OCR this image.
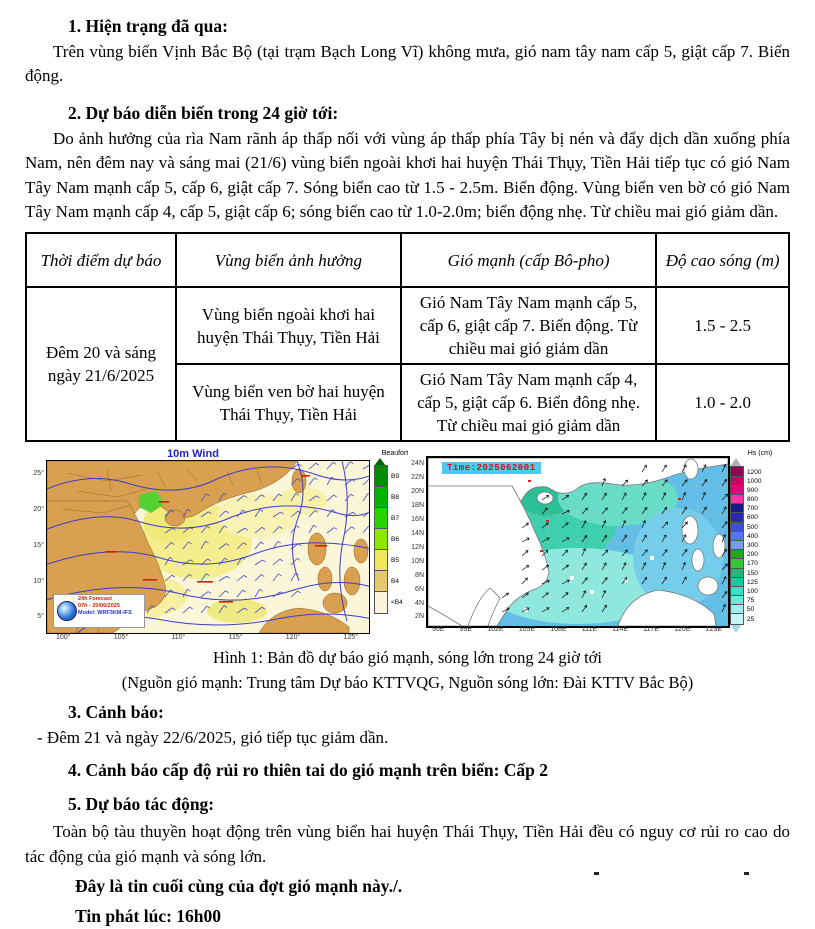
1. Hiện trạng đã qua:

Trên vùng biển Vịnh Bắc Bộ (tại trạm Bạch Long Vĩ) không mưa, gió nam tây nam cấp 5, giật cấp 7. Biển động.

2. Dự báo diễn biến trong 24 giờ tới:

Do ảnh hưởng của rìa Nam rãnh áp thấp nối với vùng áp thấp phía Tây bị nén và đẩy dịch dần xuống phía Nam, nên đêm nay và sáng mai (21/6) vùng biển ngoài khơi hai huyện Thái Thụy, Tiền Hải tiếp tục có gió Nam Tây Nam mạnh cấp 5, cấp 6, giật cấp 7. Sóng biển cao từ 1.5 - 2.5m. Biển động. Vùng biển ven bờ có gió Nam Tây Nam mạnh cấp 4, cấp 5, giật cấp 6; sóng biển cao từ 1.0-2.0m; biển động nhẹ. Từ chiều mai gió giảm dần.

Thời điểm dự báo	Vùng biển ảnh hưởng	Gió mạnh (cấp Bô-pho)	Độ cao sóng (m)
Đêm 20 và sáng ngày 21/6/2025	Vùng biển ngoài khơi hai huyện Thái Thụy, Tiền Hải	Gió Nam Tây Nam mạnh cấp 5, cấp 6, giật cấp 7. Biển động. Từ chiều mai gió giảm dần	1.5 - 2.5
	Vùng biển ven bờ hai huyện Thái Thụy, Tiền Hải	Gió Nam Tây Nam mạnh cấp 4, cấp 5, giật cấp 6. Biển đông nhẹ. Từ chiều mai gió giảm dần	1.0 - 2.0
10m Wind
24h Forecast
07h - 20/06/2025
Model: WRF3KM-IFS
25°
20°
15°
10°
5°
100°	105°	110°	115°	120°	125°
Beaufort
B9
B8
B7
B6
B5
B4
<B4
Time:2025062001
24N
22N
20N
18N
16N
14N
12N
10N
8N
6N
4N
2N
96E 99E 102E 105E 108E 111E 114E 117E 120E 123E
Hs (cm)
1200
1000
900
800
700
600
500
400
300
200
170
150
125
100
75
50
25
Hình 1: Bản đồ dự báo gió mạnh, sóng lớn trong 24 giờ tới
(Nguồn gió mạnh: Trung tâm Dự báo KTTVQG, Nguồn sóng lớn: Đài KTTV Bắc Bộ)
3. Cảnh báo:
- Đêm 21 và ngày 22/6/2025, gió tiếp tục giảm dần.
4. Cảnh báo cấp độ rủi ro thiên tai do gió mạnh trên biển: Cấp 2
5. Dự báo tác động:

Toàn bộ tàu thuyền hoạt động trên vùng biển hai huyện Thái Thụy, Tiền Hải đều có nguy cơ rủi ro cao do tác động của gió mạnh và sóng lớn.

Đây là tin cuối cùng của đợt gió mạnh này./.
Tin phát lúc: 16h00
